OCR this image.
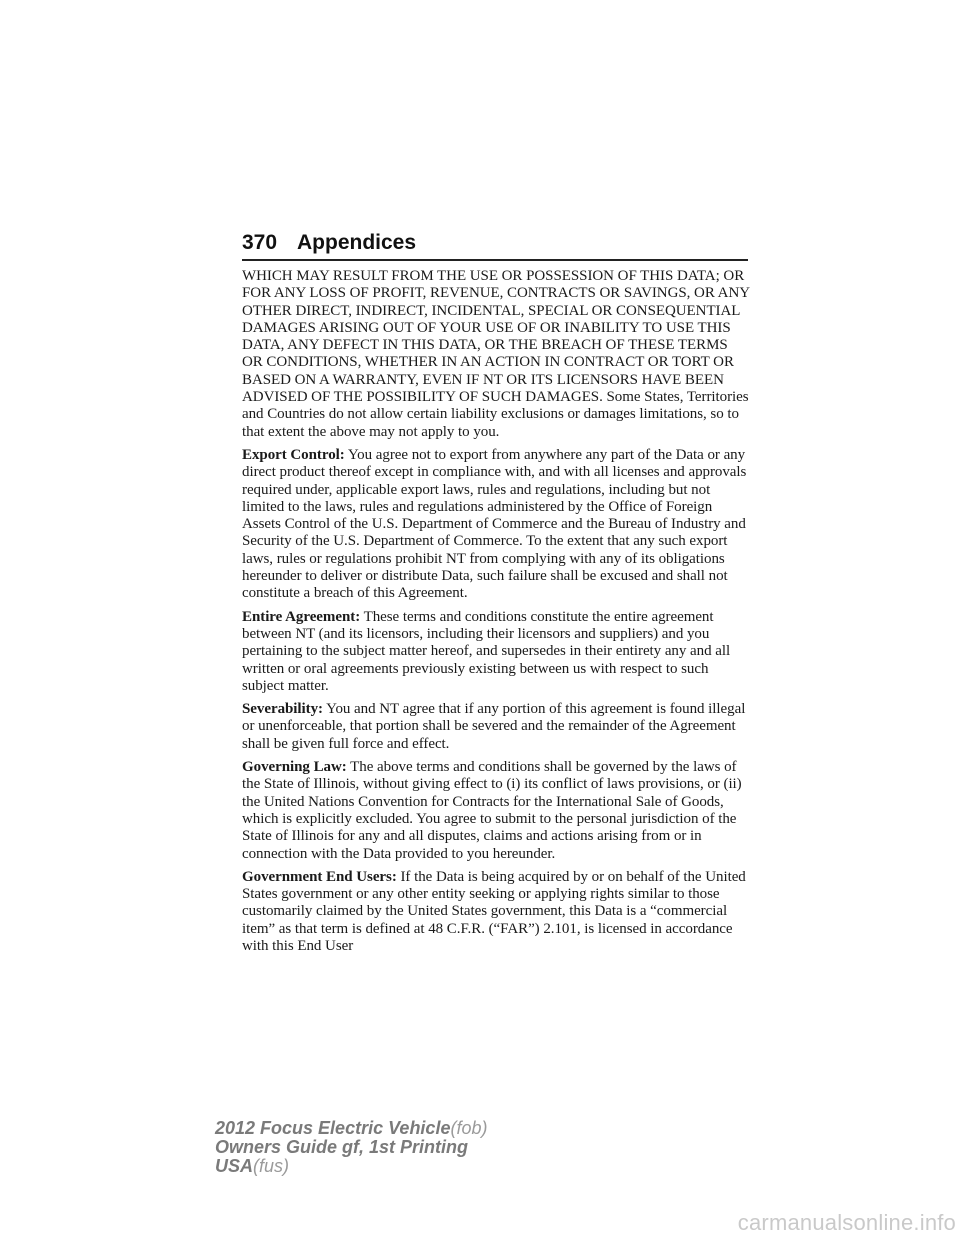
370 Appendices

WHICH MAY RESULT FROM THE USE OR POSSESSION OF THIS DATA; OR FOR ANY LOSS OF PROFIT, REVENUE, CONTRACTS OR SAVINGS, OR ANY OTHER DIRECT, INDIRECT, INCIDENTAL, SPECIAL OR CONSEQUENTIAL DAMAGES ARISING OUT OF YOUR USE OF OR INABILITY TO USE THIS DATA, ANY DEFECT IN THIS DATA, OR THE BREACH OF THESE TERMS OR CONDITIONS, WHETHER IN AN ACTION IN CONTRACT OR TORT OR BASED ON A WARRANTY, EVEN IF NT OR ITS LICENSORS HAVE BEEN ADVISED OF THE POSSIBILITY OF SUCH DAMAGES. Some States, Territories and Countries do not allow certain liability exclusions or damages limitations, so to that extent the above may not apply to you.

Export Control: You agree not to export from anywhere any part of the Data or any direct product thereof except in compliance with, and with all licenses and approvals required under, applicable export laws, rules and regulations, including but not limited to the laws, rules and regulations administered by the Office of Foreign Assets Control of the U.S. Department of Commerce and the Bureau of Industry and Security of the U.S. Department of Commerce. To the extent that any such export laws, rules or regulations prohibit NT from complying with any of its obligations hereunder to deliver or distribute Data, such failure shall be excused and shall not constitute a breach of this Agreement.

Entire Agreement: These terms and conditions constitute the entire agreement between NT (and its licensors, including their licensors and suppliers) and you pertaining to the subject matter hereof, and supersedes in their entirety any and all written or oral agreements previously existing between us with respect to such subject matter.

Severability: You and NT agree that if any portion of this agreement is found illegal or unenforceable, that portion shall be severed and the remainder of the Agreement shall be given full force and effect.

Governing Law: The above terms and conditions shall be governed by the laws of the State of Illinois, without giving effect to (i) its conflict of laws provisions, or (ii) the United Nations Convention for Contracts for the International Sale of Goods, which is explicitly excluded. You agree to submit to the personal jurisdiction of the State of Illinois for any and all disputes, claims and actions arising from or in connection with the Data provided to you hereunder.

Government End Users: If the Data is being acquired by or on behalf of the United States government or any other entity seeking or applying rights similar to those customarily claimed by the United States government, this Data is a “commercial item” as that term is defined at 48 C.F.R. (“FAR”) 2.101, is licensed in accordance with this End User

2012 Focus Electric Vehicle(fob)
Owners Guide gf, 1st Printing
USA(fus)
carmanualsonline.info
